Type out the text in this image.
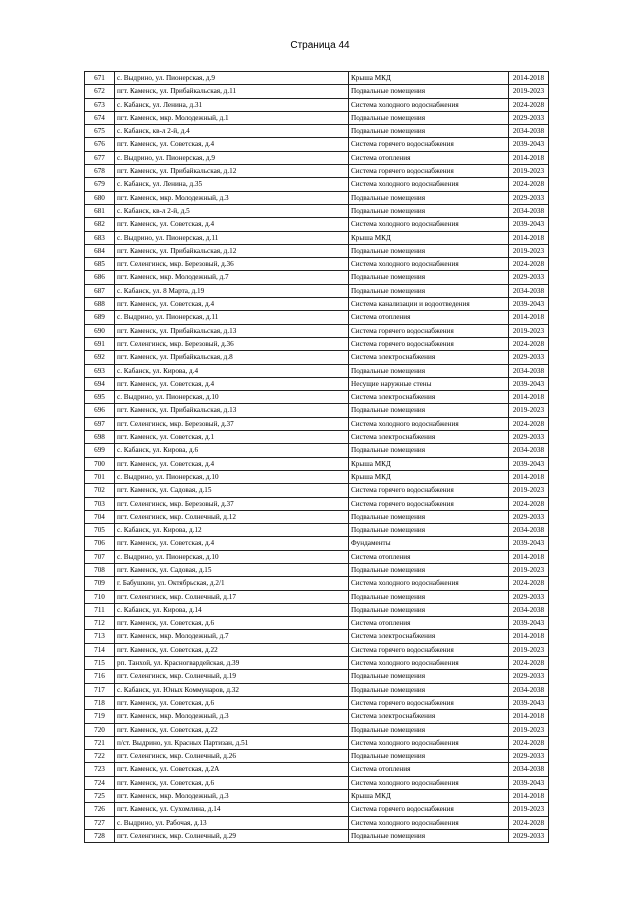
Страница 44
671	с. Выдрино, ул. Пионерская, д.9	Крыша МКД	2014-2018
672	пгт. Каменск, ул. Прибайкальская, д.11	Подвальные помещения	2019-2023
673	с. Кабанск, ул. Ленина, д.31	Система холодного водоснабжения	2024-2028
674	пгт. Каменск, мкр. Молодежный, д.1	Подвальные помещения	2029-2033
675	с. Кабанск, кв-л 2-й, д.4	Подвальные помещения	2034-2038
676	пгт. Каменск, ул. Советская, д.4	Система горячего водоснабжения	2039-2043
677	с. Выдрино, ул. Пионерская, д.9	Система отопления	2014-2018
678	пгт. Каменск, ул. Прибайкальская, д.12	Система горячего водоснабжения	2019-2023
679	с. Кабанск, ул. Ленина, д.35	Система холодного водоснабжения	2024-2028
680	пгт. Каменск, мкр. Молодежный, д.3	Подвальные помещения	2029-2033
681	с. Кабанск, кв-л 2-й, д.5	Подвальные помещения	2034-2038
682	пгт. Каменск, ул. Советская, д.4	Система холодного водоснабжения	2039-2043
683	с. Выдрино, ул. Пионерская, д.11	Крыша МКД	2014-2018
684	пгт. Каменск, ул. Прибайкальская, д.12	Подвальные помещения	2019-2023
685	пгт. Селенгинск, мкр. Березовый, д.36	Система холодного водоснабжения	2024-2028
686	пгт. Каменск, мкр. Молодежный, д.7	Подвальные помещения	2029-2033
687	с. Кабанск, ул. 8 Марта, д.19	Подвальные помещения	2034-2038
688	пгт. Каменск, ул. Советская, д.4	Система канализации и водоотведения	2039-2043
689	с. Выдрино, ул. Пионерская, д.11	Система отопления	2014-2018
690	пгт. Каменск, ул. Прибайкальская, д.13	Система горячего водоснабжения	2019-2023
691	пгт. Селенгинск, мкр. Березовый, д.36	Система горячего водоснабжения	2024-2028
692	пгт. Каменск, ул. Прибайкальская, д.8	Система электроснабжения	2029-2033
693	с. Кабанск, ул. Кирова, д.4	Подвальные помещения	2034-2038
694	пгт. Каменск, ул. Советская, д.4	Несущие наружные стены	2039-2043
695	с. Выдрино, ул. Пионерская, д.10	Система электроснабжения	2014-2018
696	пгт. Каменск, ул. Прибайкальская, д.13	Подвальные помещения	2019-2023
697	пгт. Селенгинск, мкр. Березовый, д.37	Система холодного водоснабжения	2024-2028
698	пгт. Каменск, ул. Советская, д.1	Система электроснабжения	2029-2033
699	с. Кабанск, ул. Кирова, д.6	Подвальные помещения	2034-2038
700	пгт. Каменск, ул. Советская, д.4	Крыша МКД	2039-2043
701	с. Выдрино, ул. Пионерская, д.10	Крыша МКД	2014-2018
702	пгт. Каменск, ул. Садовая, д.15	Система горячего водоснабжения	2019-2023
703	пгт. Селенгинск, мкр. Березовый, д.37	Система горячего водоснабжения	2024-2028
704	пгт. Селенгинск, мкр. Солнечный, д.12	Подвальные помещения	2029-2033
705	с. Кабанск, ул. Кирова, д.12	Подвальные помещения	2034-2038
706	пгт. Каменск, ул. Советская, д.4	Фундаменты	2039-2043
707	с. Выдрино, ул. Пионерская, д.10	Система отопления	2014-2018
708	пгт. Каменск, ул. Садовая, д.15	Подвальные помещения	2019-2023
709	г. Бабушкин, ул. Октябрьская, д.2/1	Система холодного водоснабжения	2024-2028
710	пгт. Селенгинск, мкр. Солнечный, д.17	Подвальные помещения	2029-2033
711	с. Кабанск, ул. Кирова, д.14	Подвальные помещения	2034-2038
712	пгт. Каменск, ул. Советская, д.6	Система отопления	2039-2043
713	пгт. Каменск, мкр. Молодежный, д.7	Система электроснабжения	2014-2018
714	пгт. Каменск, ул. Советская, д.22	Система горячего водоснабжения	2019-2023
715	рп. Танхой, ул. Красногвардейская, д.39	Система холодного водоснабжения	2024-2028
716	пгт. Селенгинск, мкр. Солнечный, д.19	Подвальные помещения	2029-2033
717	с. Кабанск, ул. Юных Коммунаров, д.32	Подвальные помещения	2034-2038
718	пгт. Каменск, ул. Советская, д.6	Система горячего водоснабжения	2039-2043
719	пгт. Каменск, мкр. Молодежный, д.3	Система электроснабжения	2014-2018
720	пгт. Каменск, ул. Советская, д.22	Подвальные помещения	2019-2023
721	п/ст. Выдрино, ул. Красных Партизан, д.51	Система холодного водоснабжения	2024-2028
722	пгт. Селенгинск, мкр. Солнечный, д.26	Подвальные помещения	2029-2033
723	пгт. Каменск, ул. Советская, д.2А	Система отопления	2034-2038
724	пгт. Каменск, ул. Советская, д.6	Система холодного водоснабжения	2039-2043
725	пгт. Каменск, мкр. Молодежный, д.3	Крыша МКД	2014-2018
726	пгт. Каменск, ул. Сухомлина, д.14	Система горячего водоснабжения	2019-2023
727	с. Выдрино, ул. Рабочая, д.13	Система холодного водоснабжения	2024-2028
728	пгт. Селенгинск, мкр. Солнечный, д.29	Подвальные помещения	2029-2033
